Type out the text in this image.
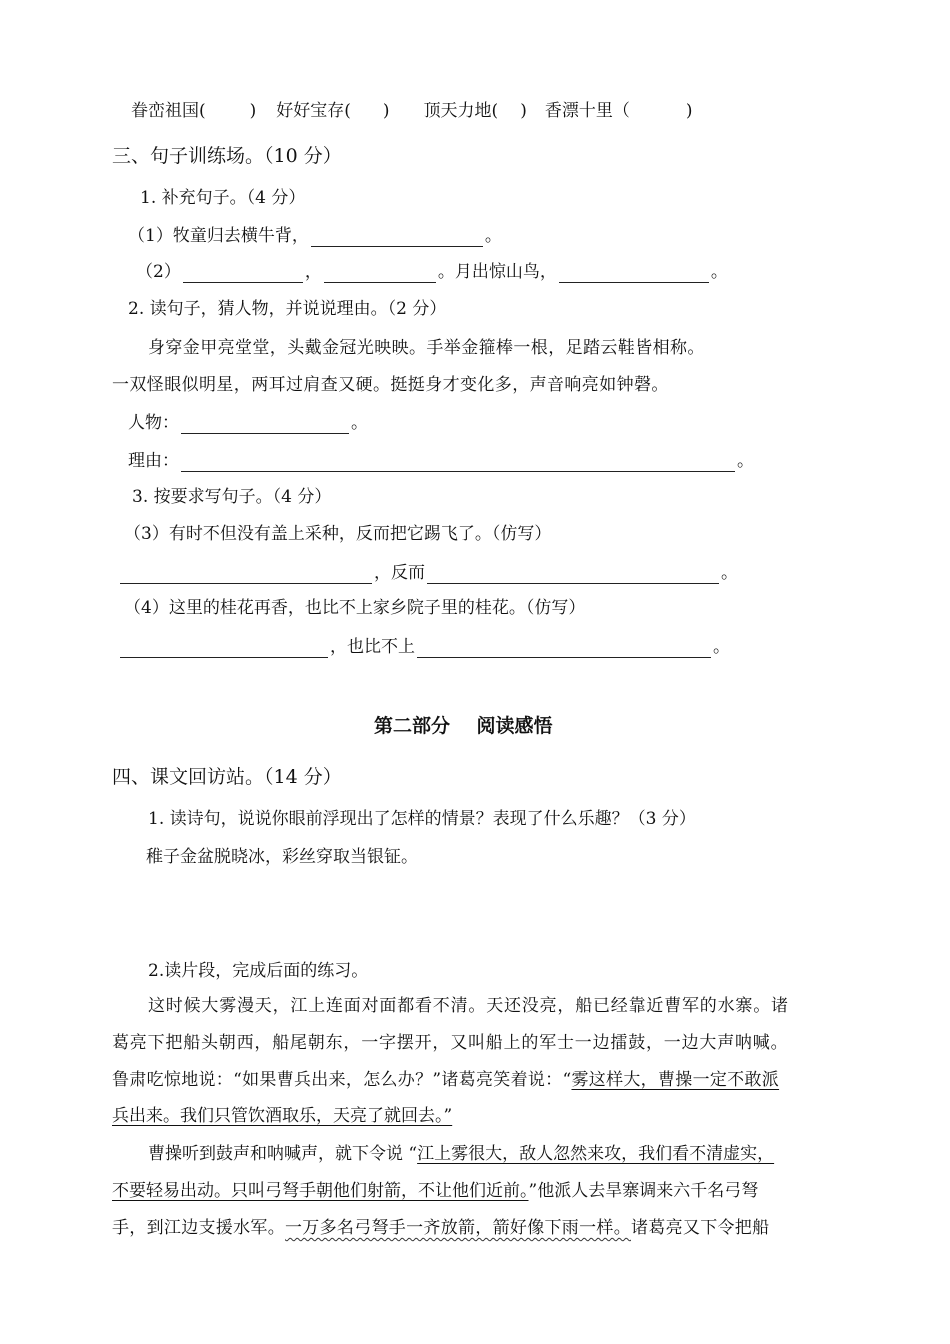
眷峦祖国(	) 好好宝存( ) 顶天力地( ) 香漂十里（	)
三、句子训练场。（10 分）
1. 补充句子。（4 分）
（1）牧童归去横牛背，	。
（2）	，	。月出惊山鸟，	。
2. 读句子，猜人物，并说说理由。（2 分）
身穿金甲亮堂堂，头戴金冠光映映。手举金箍棒一根，足踏云鞋皆相称。
一双怪眼似明星，两耳过肩查又硬。挺挺身才变化多，声音响亮如钟磬。
人物：	。
理由：	。
3. 按要求写句子。（4 分）
（3）有时不但没有盖上采种，反而把它踢飞了。（仿写）
，反而	。
（4）这里的桂花再香，也比不上家乡院子里的桂花。（仿写）
，也比不上	。
第二部分    阅读感悟
四、课文回访站。（14 分）
1. 读诗句，说说你眼前浮现出了怎样的情景？表现了什么乐趣？（3 分）
稚子金盆脱晓冰，彩丝穿取当银钲。
2.读片段，完成后面的练习。
这时候大雾漫天，江上连面对面都看不清。天还没亮，船已经靠近曹军的水寨。诸
葛亮下把船头朝西，船尾朝东，一字摆开，又叫船上的军士一边擂鼓，一边大声呐喊。
鲁肃吃惊地说：“如果曹兵出来，怎么办？”诸葛亮笑着说：“雾这样大，曹操一定不敢派
兵出来。我们只管饮酒取乐，天亮了就回去。”
曹操听到鼓声和呐喊声，就下令说 “江上雾很大，敌人忽然来攻，我们看不清虚实，
不要轻易出动。只叫弓弩手朝他们射箭，不让他们近前。”他派人去旱寨调来六千名弓弩
手，到江边支援水军。一万多名弓弩手一齐放箭，箭好像下雨一样。诸葛亮又下令把船
